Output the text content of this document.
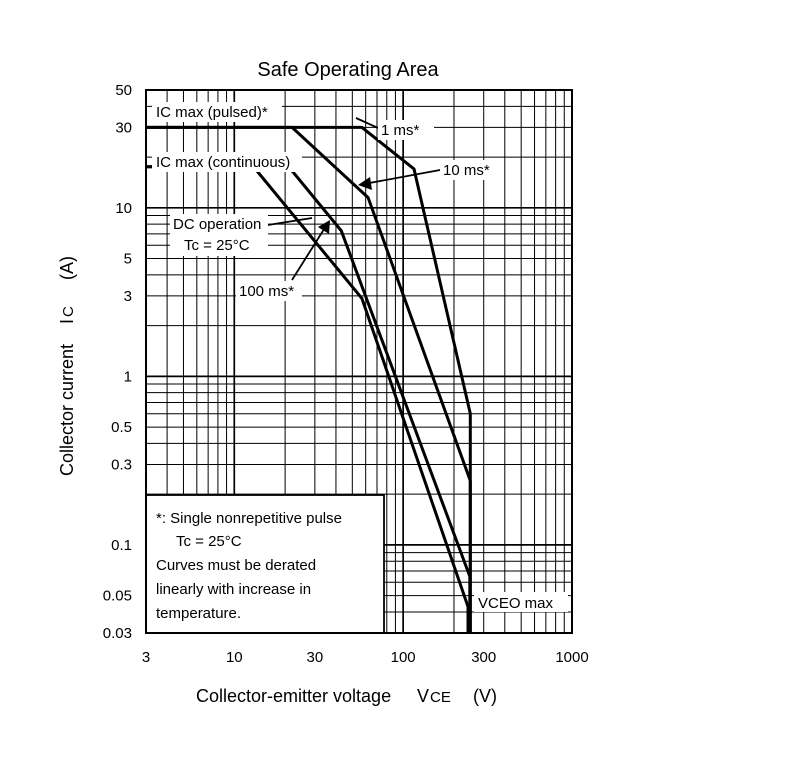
Safe Operating Area
IC max (pulsed)*
1 ms*
IC max (continuous)	10 ms*
DC operation
Tc = 25°C
100 ms*
VCEO max
*: Single nonrepetitive pulse
Tc = 25°C
Curves must be derated
linearly with increase in
temperature.
3	10	30	100	300	1000
0.03
0.05
0.1
0.3
0.5
1
3
5
10
30
50
Collector-emitter voltage V CE (V)
Collector current
I
C
(A)
